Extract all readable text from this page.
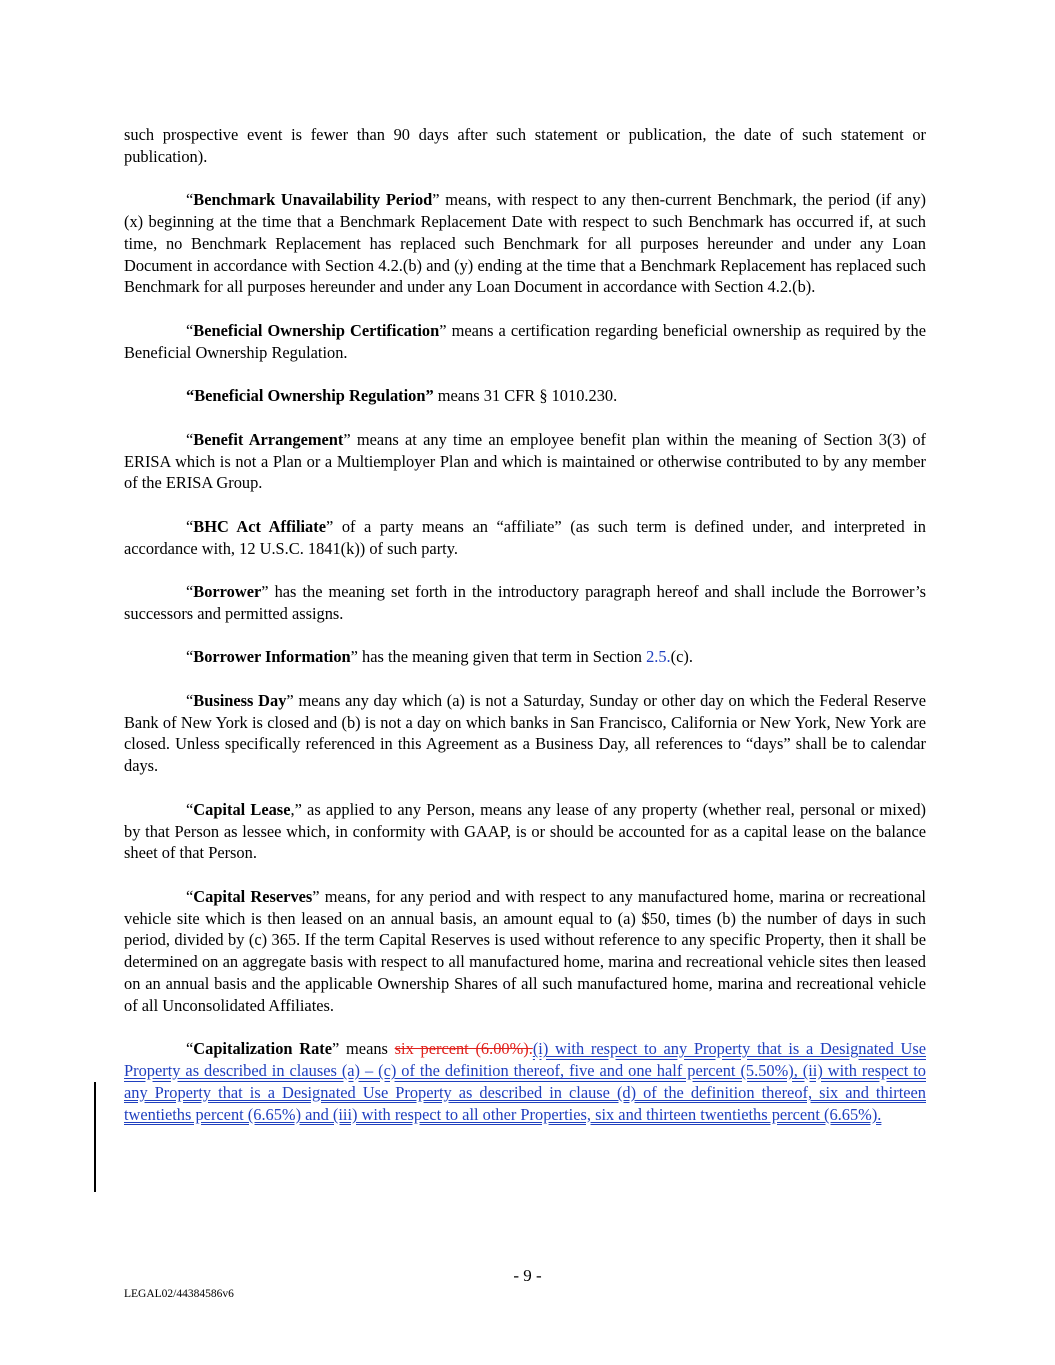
such prospective event is fewer than 90 days after such statement or publication, the date of such statement or publication).

“Benchmark Unavailability Period” means, with respect to any then-current Benchmark, the period (if any) (x) beginning at the time that a Benchmark Replacement Date with respect to such Benchmark has occurred if, at such time, no Benchmark Replacement has replaced such Benchmark for all purposes hereunder and under any Loan Document in accordance with Section 4.2.(b) and (y) ending at the time that a Benchmark Replacement has replaced such Benchmark for all purposes hereunder and under any Loan Document in accordance with Section 4.2.(b).

“Beneficial Ownership Certification” means a certification regarding beneficial ownership as required by the Beneficial Ownership Regulation.

“Beneficial Ownership Regulation” means 31 CFR § 1010.230.

“Benefit Arrangement” means at any time an employee benefit plan within the meaning of Section 3(3) of ERISA which is not a Plan or a Multiemployer Plan and which is maintained or otherwise contributed to by any member of the ERISA Group.

“BHC Act Affiliate” of a party means an “affiliate” (as such term is defined under, and interpreted in accordance with, 12 U.S.C. 1841(k)) of such party.

“Borrower” has the meaning set forth in the introductory paragraph hereof and shall include the Borrower’s successors and permitted assigns.

“Borrower Information” has the meaning given that term in Section 2.5.(c).

“Business Day” means any day which (a) is not a Saturday, Sunday or other day on which the Federal Reserve Bank of New York is closed and (b) is not a day on which banks in San Francisco, California or New York, New York are closed. Unless specifically referenced in this Agreement as a Business Day, all references to “days” shall be to calendar days.

“Capital Lease,” as applied to any Person, means any lease of any property (whether real, personal or mixed) by that Person as lessee which, in conformity with GAAP, is or should be accounted for as a capital lease on the balance sheet of that Person.

“Capital Reserves” means, for any period and with respect to any manufactured home, marina or recreational vehicle site which is then leased on an annual basis, an amount equal to (a) $50, times (b) the number of days in such period, divided by (c) 365. If the term Capital Reserves is used without reference to any specific Property, then it shall be determined on an aggregate basis with respect to all manufactured home, marina and recreational vehicle sites then leased on an annual basis and the applicable Ownership Shares of all such manufactured home, marina and recreational vehicle of all Unconsolidated Affiliates.

“Capitalization Rate” means six percent (6.00%).(i) with respect to any Property that is a Designated Use Property as described in clauses (a) – (c) of the definition thereof, five and one half percent (5.50%), (ii) with respect to any Property that is a Designated Use Property as described in clause (d) of the definition thereof, six and thirteen twentieths percent (6.65%) and (iii) with respect to all other Properties, six and thirteen twentieths percent (6.65%).

- 9 -
LEGAL02/44384586v6
